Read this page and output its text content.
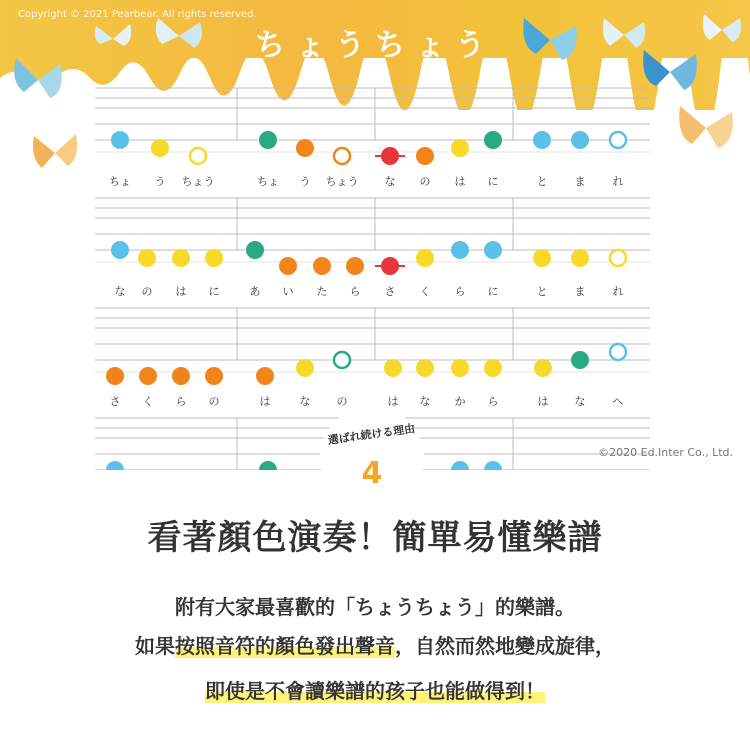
Copyright © 2021 Pearbear. All rights reserved.
ちょうちょう
ちょ う ちょう	ちょ う ちょう な の は に	と ま れ
な の は に	あ い た ら さ く ら に	と ま れ
さ く ら の	は	な の	は な か ら	は な へ
選ばれ続ける理由
4
©2020 Ed.Inter Co., Ltd.
看著顏色演奏！簡單易懂樂譜
附有大家最喜歡的「ちょうちょう」的樂譜。
如果按照音符的顏色發出聲音，自然而然地變成旋律，
即使是不會讀樂譜的孩子也能做得到！
